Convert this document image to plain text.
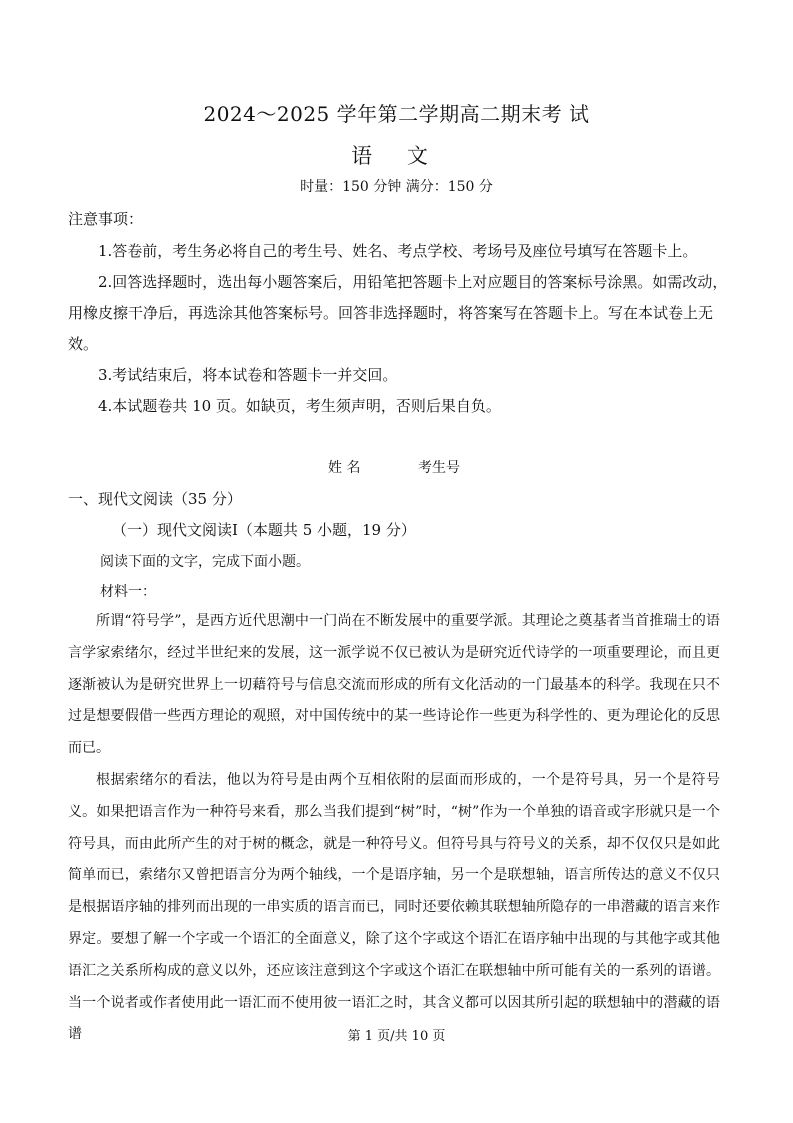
2024～2025 学年第二学期高二期末考 试
语 文
时量：150 分钟 满分：150 分
注意事项：

1.答卷前，考生务必将自己的考生号、姓名、考点学校、考场号及座位号填写在答题卡上。

2.回答选择题时，选出每小题答案后，用铅笔把答题卡上对应题目的答案标号涂黑。如需改动，用橡皮擦干净后，再选涂其他答案标号。回答非选择题时，将答案写在答题卡上。写在本试卷上无效。

3.考试结束后，将本试卷和答题卡一并交回。

4.本试题卷共 10 页。如缺页，考生须声明，否则后果自负。

姓 名	考生号
一、现代文阅读（35 分）
（一）现代文阅读Ⅰ（本题共 5 小题，19 分）
阅读下面的文字，完成下面小题。
材料一：

所谓“符号学”，是西方近代思潮中一门尚在不断发展中的重要学派。其理论之奠基者当首推瑞士的语言学家索绪尔，经过半世纪来的发展，这一派学说不仅已被认为是研究近代诗学的一项重要理论，而且更逐渐被认为是研究世界上一切藉符号与信息交流而形成的所有文化活动的一门最基本的科学。我现在只不过是想要假借一些西方理论的观照，对中国传统中的某一些诗论作一些更为科学性的、更为理论化的反思而已。

根据索绪尔的看法，他以为符号是由两个互相依附的层面而形成的，一个是符号具，另一个是符号义。如果把语言作为一种符号来看，那么当我们提到“树”时，“树”作为一个单独的语音或字形就只是一个符号具，而由此所产生的对于树的概念，就是一种符号义。但符号具与符号义的关系，却不仅仅只是如此简单而已，索绪尔又曾把语言分为两个轴线，一个是语序轴，另一个是联想轴，语言所传达的意义不仅只是根据语序轴的排列而出现的一串实质的语言而已，同时还要依赖其联想轴所隐存的一串潜藏的语言来作界定。要想了解一个字或一个语汇的全面意义，除了这个字或这个语汇在语序轴中出现的与其他字或其他语汇之关系所构成的意义以外，还应该注意到这个字或这个语汇在联想轴中所可能有关的一系列的语谱。当一个说者或作者使用此一语汇而不使用彼一语汇之时，其含义都可以因其所引起的联想轴中的潜藏的语谱	第 1 页/共 10 页
